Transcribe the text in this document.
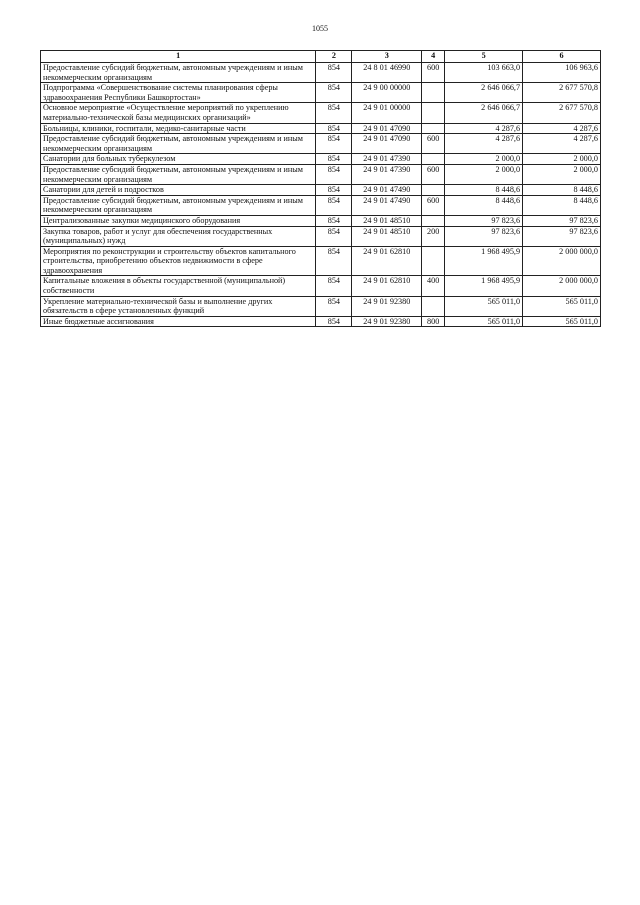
1055
1	2	3	4	5	6
Предоставление субсидий бюджетным, автономным учреждениям и иным некоммерческим организациям	854	24 8 01 46990	600	103 663,0	106 963,6
Подпрограмма «Совершенствование системы планирования сферы здравоохранения Республики Башкортостан»	854	24 9 00 00000		2 646 066,7	2 677 570,8
Основное мероприятие «Осуществление мероприятий по укреплению материально-технической базы медицинских организаций»	854	24 9 01 00000		2 646 066,7	2 677 570,8
Больницы, клиники, госпитали, медико-санитарные части	854	24 9 01 47090		4 287,6	4 287,6
Предоставление субсидий бюджетным, автономным учреждениям и иным некоммерческим организациям	854	24 9 01 47090	600	4 287,6	4 287,6
Санатории для больных туберкулезом	854	24 9 01 47390		2 000,0	2 000,0
Предоставление субсидий бюджетным, автономным учреждениям и иным некоммерческим организациям	854	24 9 01 47390	600	2 000,0	2 000,0
Санатории для детей и подростков	854	24 9 01 47490		8 448,6	8 448,6
Предоставление субсидий бюджетным, автономным учреждениям и иным некоммерческим организациям	854	24 9 01 47490	600	8 448,6	8 448,6
Централизованные закупки медицинского оборудования	854	24 9 01 48510		97 823,6	97 823,6
Закупка товаров, работ и услуг для обеспечения государственных (муниципальных) нужд	854	24 9 01 48510	200	97 823,6	97 823,6
Мероприятия по реконструкции и строительству объектов капитального строительства, приобретению объектов недвижимости в сфере здравоохранения	854	24 9 01 62810		1 968 495,9	2 000 000,0
Капитальные вложения в объекты государственной (муниципальной) собственности	854	24 9 01 62810	400	1 968 495,9	2 000 000,0
Укрепление материально-технической базы и выполнение других обязательств в сфере установленных функций	854	24 9 01 92380		565 011,0	565 011,0
Иные бюджетные ассигнования	854	24 9 01 92380	800	565 011,0	565 011,0
